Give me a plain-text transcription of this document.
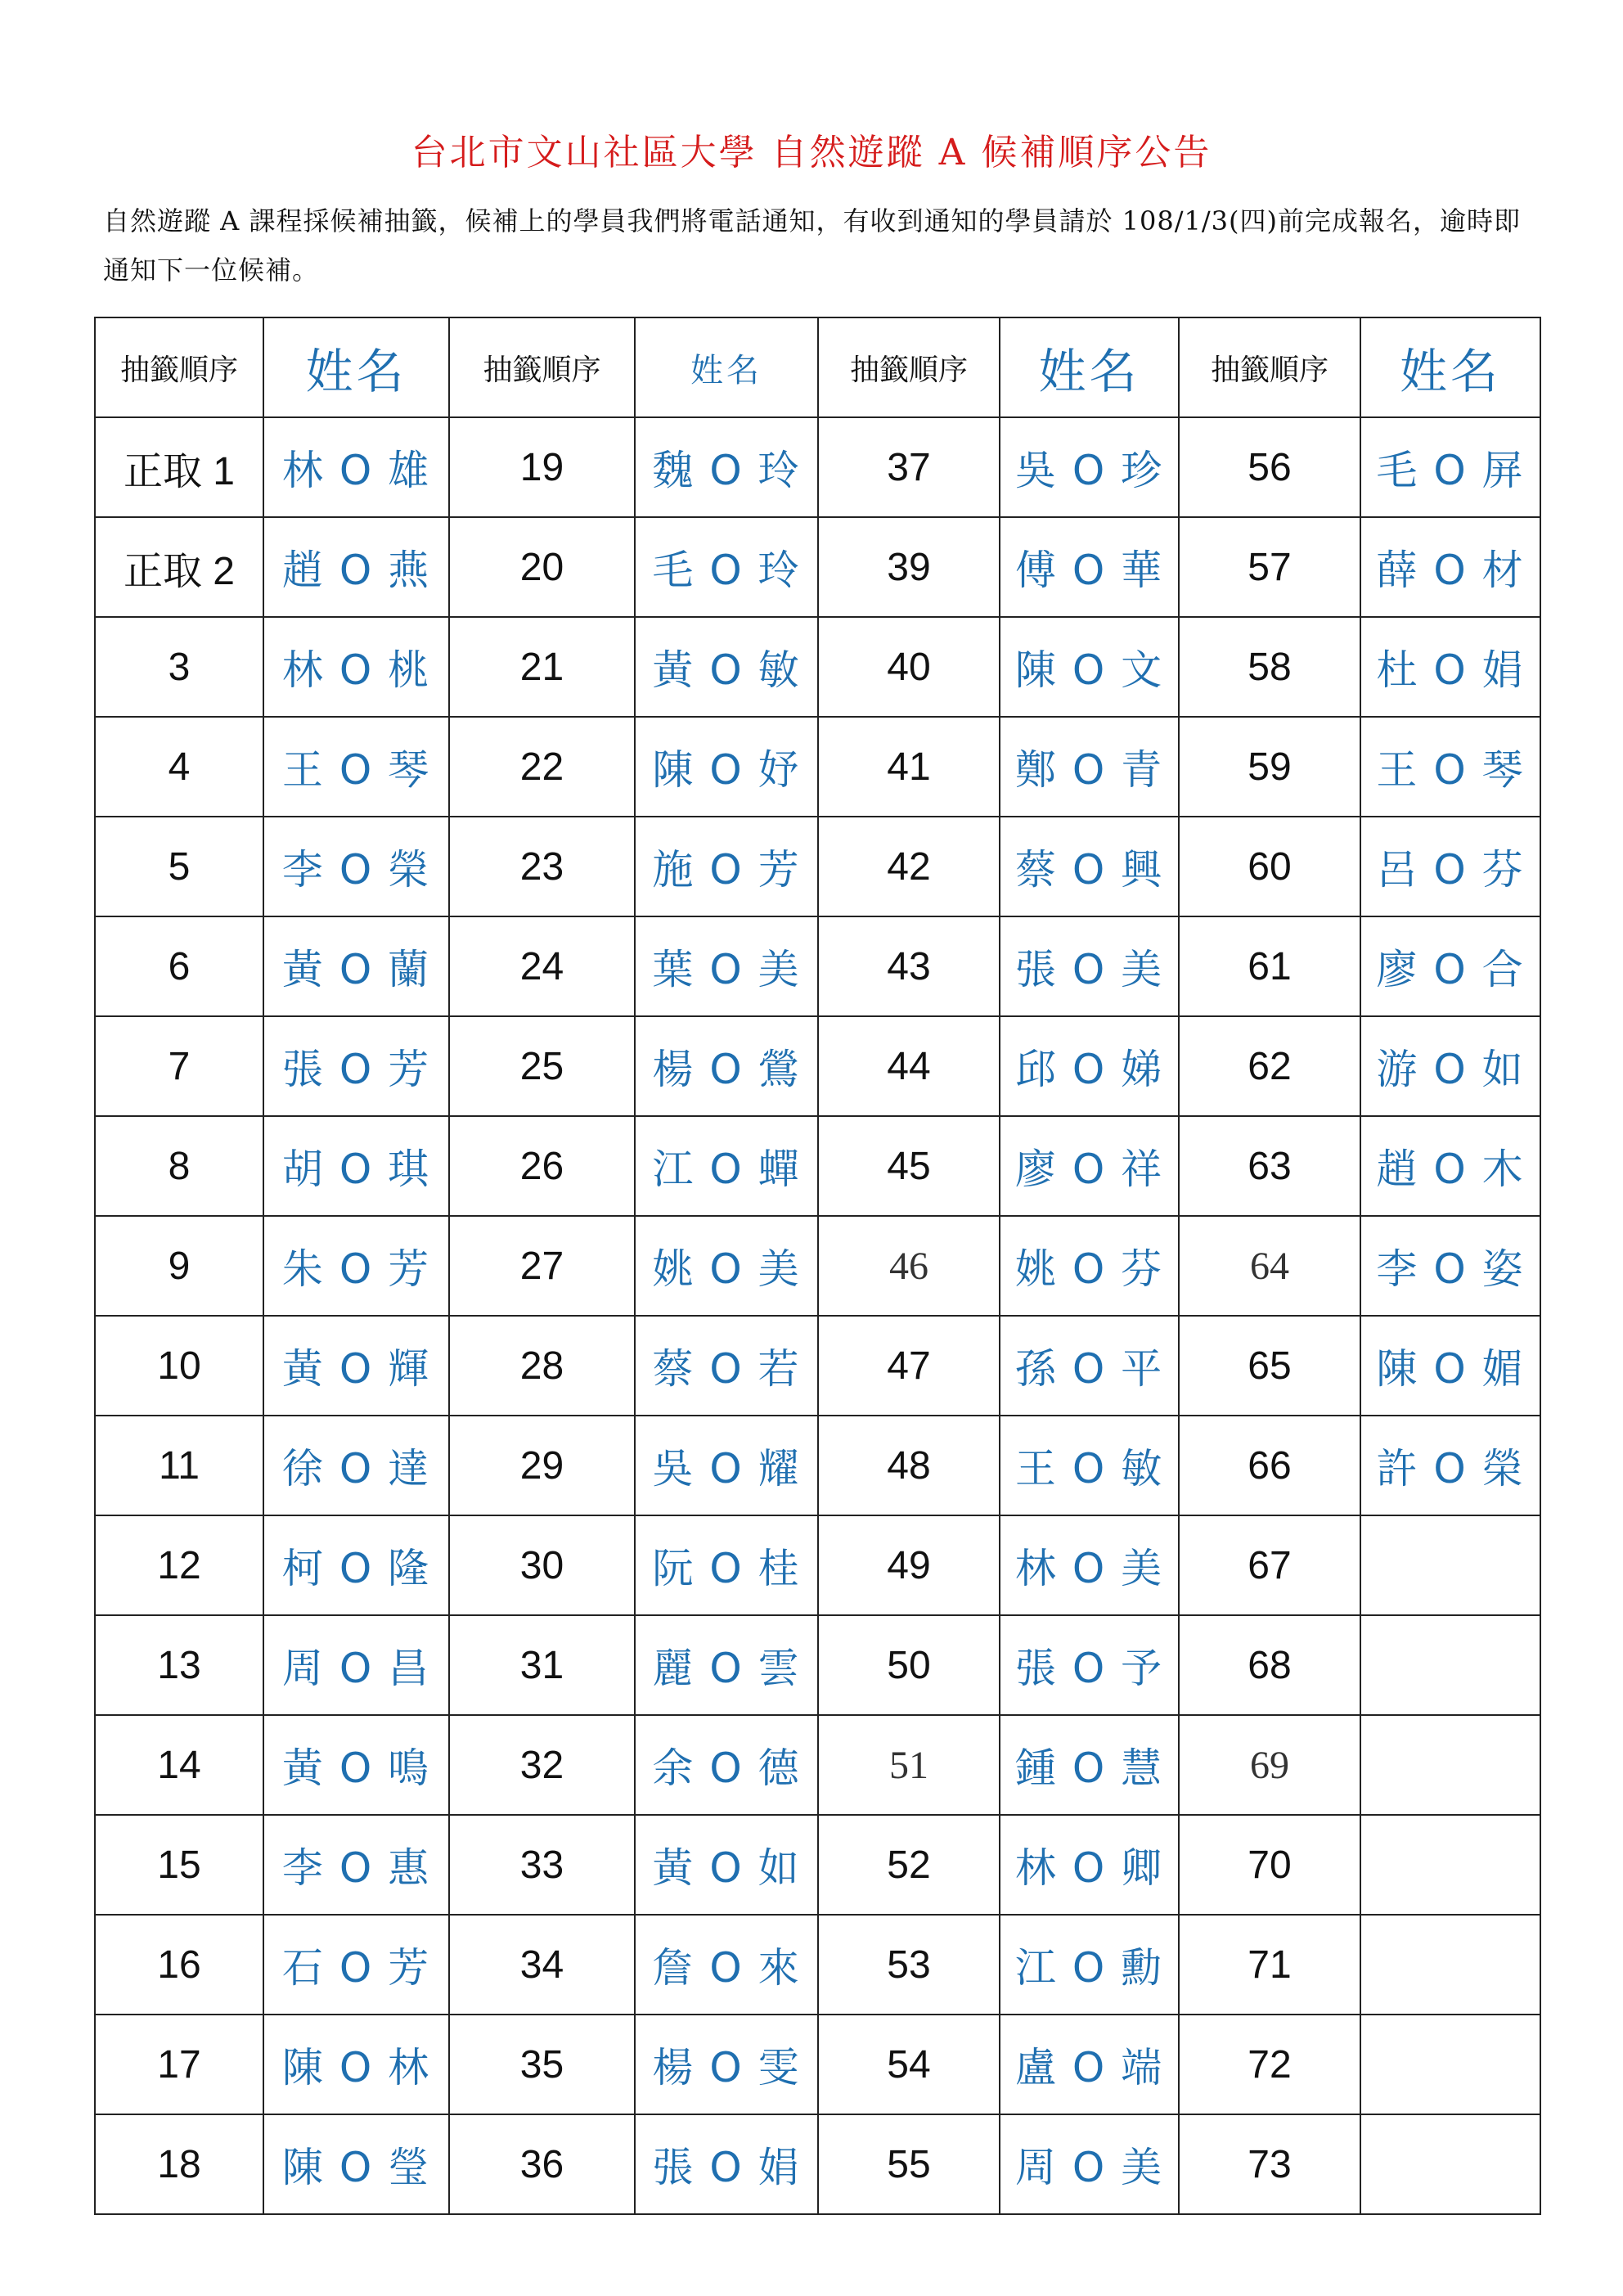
台北市文山社區大學 自然遊蹤 A 候補順序公告
自然遊蹤 A 課程採候補抽籤，候補上的學員我們將電話通知，有收到通知的學員請於 108/1/3(四)前完成報名，逾時即通知下一位候補。
抽籤順序	姓名	抽籤順序	姓名	抽籤順序	姓名	抽籤順序	姓名
正取 1	林 O 雄	19	魏 O 玲	37	吳 O 珍	56	毛 O 屏
正取 2	趙 O 燕	20	毛 O 玲	39	傅 O 華	57	薛 O 材
3	林 O 桃	21	黃 O 敏	40	陳 O 文	58	杜 O 娟
4	王 O 琴	22	陳 O 妤	41	鄭 O 青	59	王 O 琴
5	李 O 榮	23	施 O 芳	42	蔡 O 興	60	呂 O 芬
6	黃 O 蘭	24	葉 O 美	43	張 O 美	61	廖 O 合
7	張 O 芳	25	楊 O 鶯	44	邱 O 娣	62	游 O 如
8	胡 O 琪	26	江 O 蟬	45	廖 O 祥	63	趙 O 木
9	朱 O 芳	27	姚 O 美	46	姚 O 芬	64	李 O 姿
10	黃 O 輝	28	蔡 O 若	47	孫 O 平	65	陳 O 媚
11	徐 O 達	29	吳 O 耀	48	王 O 敏	66	許 O 榮
12	柯 O 隆	30	阮 O 桂	49	林 O 美	67	
13	周 O 昌	31	麗 O 雲	50	張 O 予	68	
14	黃 O 鳴	32	余 O 德	51	鍾 O 慧	69	
15	李 O 惠	33	黃 O 如	52	林 O 卿	70	
16	石 O 芳	34	詹 O 來	53	江 O 勳	71	
17	陳 O 林	35	楊 O 雯	54	盧 O 端	72	
18	陳 O 瑩	36	張 O 娟	55	周 O 美	73	
